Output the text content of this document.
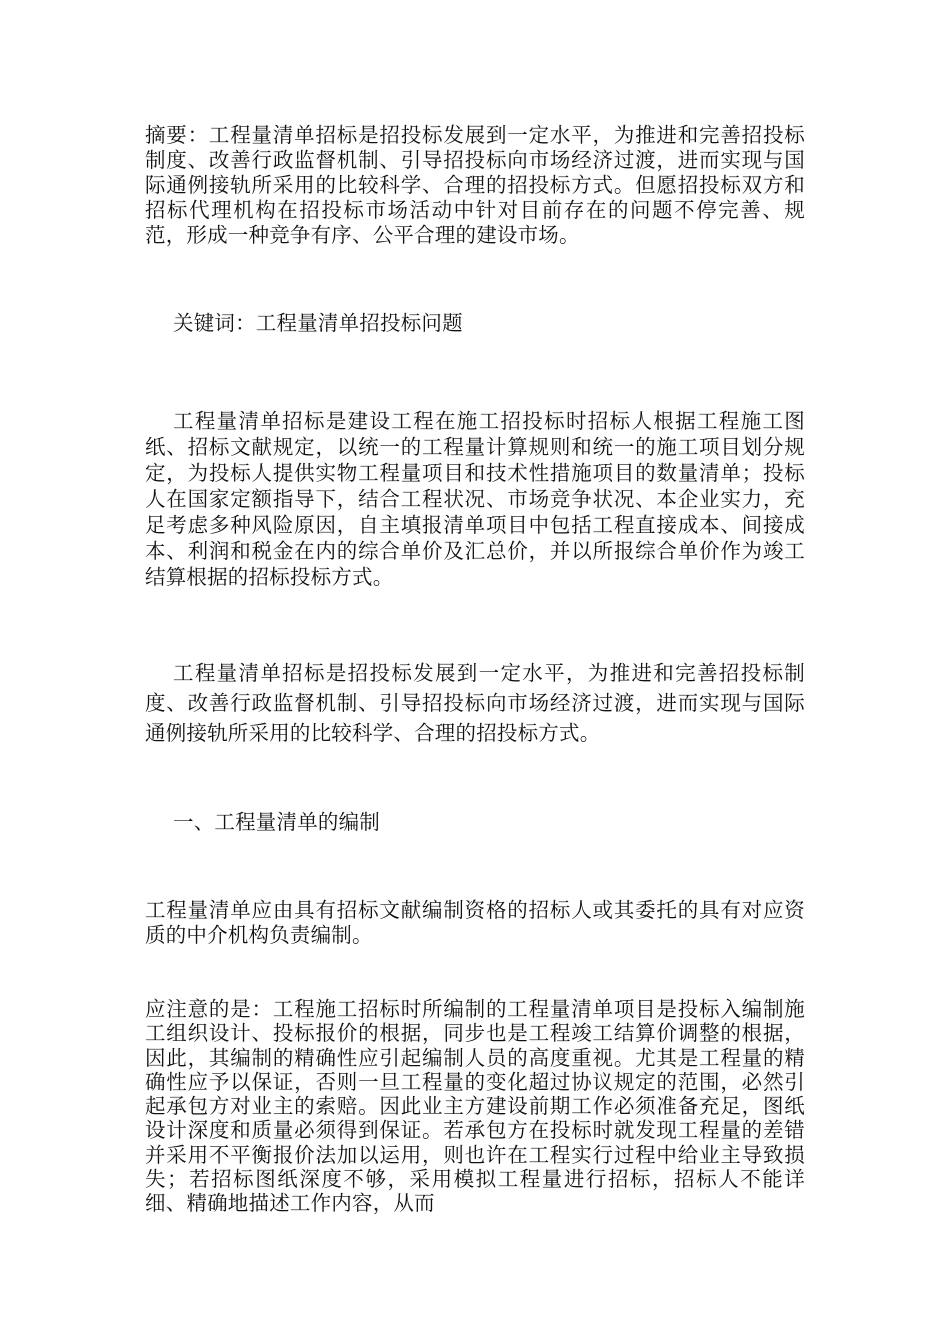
摘要：工程量清单招标是招投标发展到一定水平，为推进和完善招投标制度、改善行政监督机制、引导招投标向市场经济过渡，进而实现与国际通例接轨所采用的比较科学、合理的招投标方式。但愿招投标双方和招标代理机构在招投标市场活动中针对目前存在的问题不停完善、规范，形成一种竞争有序、公平合理的建设市场。

关键词：工程量清单招投标问题

工程量清单招标是建设工程在施工招投标时招标人根据工程施工图纸、招标文献规定，以统一的工程量计算规则和统一的施工项目划分规定，为投标人提供实物工程量项目和技术性措施项目的数量清单；投标人在国家定额指导下，结合工程状况、市场竞争状况、本企业实力，充足考虑多种风险原因，自主填报清单项目中包括工程直接成本、间接成本、利润和税金在内的综合单价及汇总价，并以所报综合单价作为竣工结算根据的招标投标方式。

工程量清单招标是招投标发展到一定水平，为推进和完善招投标制度、改善行政监督机制、引导招投标向市场经济过渡，进而实现与国际通例接轨所采用的比较科学、合理的招投标方式。

一、工程量清单的编制

工程量清单应由具有招标文献编制资格的招标人或其委托的具有对应资质的中介机构负责编制。

应注意的是：工程施工招标时所编制的工程量清单项目是投标入编制施工组织设计、投标报价的根据，同步也是工程竣工结算价调整的根据，因此，其编制的精确性应引起编制人员的高度重视。尤其是工程量的精确性应予以保证，否则一旦工程量的变化超过协议规定的范围，必然引起承包方对业主的索赔。因此业主方建设前期工作必须准备充足，图纸设计深度和质量必须得到保证。若承包方在投标时就发现工程量的差错并采用不平衡报价法加以运用，则也许在工程实行过程中给业主导致损失；若招标图纸深度不够，采用模拟工程量进行招标，招标人不能详细、精确地描述工作内容，从而
